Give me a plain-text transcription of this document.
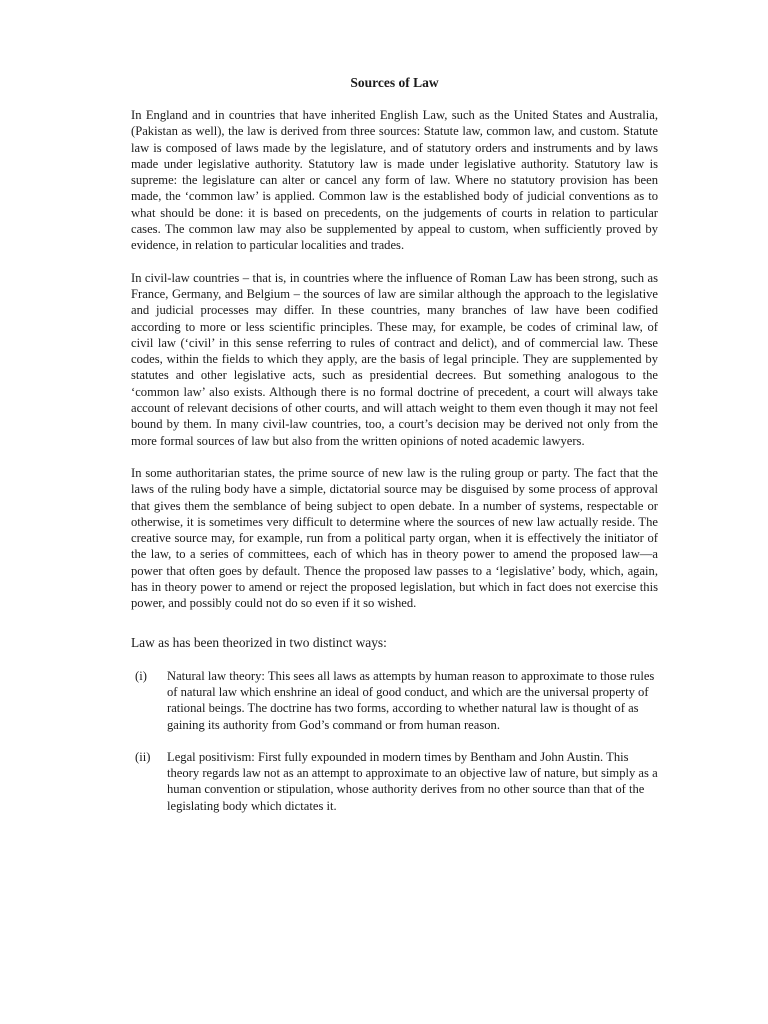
Sources of Law

In England and in countries that have inherited English Law, such as the United States and Australia, (Pakistan as well), the law is derived from three sources: Statute law, common law, and custom. Statute law is composed of laws made by the legislature, and of statutory orders and instruments and by laws made under legislative authority. Statutory law is made under legislative authority. Statutory law is supreme: the legislature can alter or cancel any form of law. Where no statutory provision has been made, the ‘common law’ is applied. Common law is the established body of judicial conventions as to what should be done: it is based on precedents, on the judgements of courts in relation to particular cases. The common law may also be supplemented by appeal to custom, when sufficiently proved by evidence, in relation to particular localities and trades.

In civil-law countries – that is, in countries where the influence of Roman Law has been strong, such as France, Germany, and Belgium – the sources of law are similar although the approach to the legislative and judicial processes may differ. In these countries, many branches of law have been codified according to more or less scientific principles. These may, for example, be codes of criminal law, of civil law (‘civil’ in this sense referring to rules of contract and delict), and of commercial law. These codes, within the fields to which they apply, are the basis of legal principle. They are supplemented by statutes and other legislative acts, such as presidential decrees. But something analogous to the ‘common law’ also exists. Although there is no formal doctrine of precedent, a court will always take account of relevant decisions of other courts, and will attach weight to them even though it may not feel bound by them. In many civil-law countries, too, a court’s decision may be derived not only from the more formal sources of law but also from the written opinions of noted academic lawyers.

In some authoritarian states, the prime source of new law is the ruling group or party. The fact that the laws of the ruling body have a simple, dictatorial source may be disguised by some process of approval that gives them the semblance of being subject to open debate. In a number of systems, respectable or otherwise, it is sometimes very difficult to determine where the sources of new law actually reside. The creative source may, for example, run from a political party organ, when it is effectively the initiator of the law, to a series of committees, each of which has in theory power to amend the proposed law—a power that often goes by default. Thence the proposed law passes to a ‘legislative’ body, which, again, has in theory power to amend or reject the proposed legislation, but which in fact does not exercise this power, and possibly could not do so even if it so wished.

Law as has been theorized in two distinct ways:

(i) Natural law theory: This sees all laws as attempts by human reason to approximate to those rules of natural law which enshrine an ideal of good conduct, and which are the universal property of rational beings. The doctrine has two forms, according to whether natural law is thought of as gaining its authority from God’s command or from human reason.
(ii) Legal positivism: First fully expounded in modern times by Bentham and John Austin. This theory regards law not as an attempt to approximate to an objective law of nature, but simply as a human convention or stipulation, whose authority derives from no other source than that of the legislating body which dictates it.
